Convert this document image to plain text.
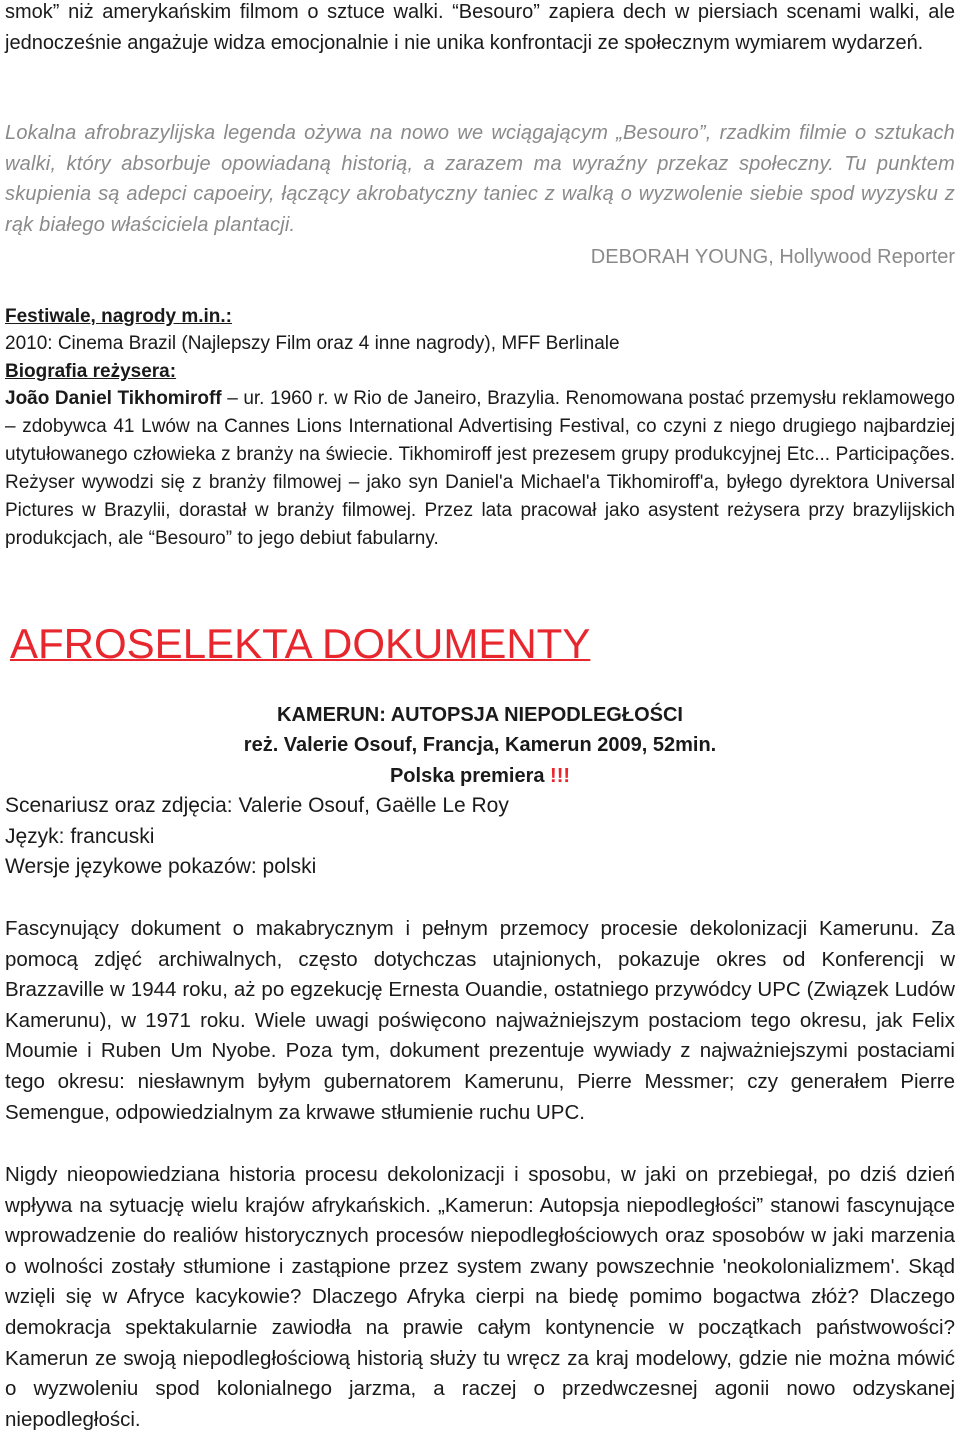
smok” niż amerykańskim filmom o sztuce walki. “Besouro” zapiera dech w piersiach scenami walki, ale jednocześnie angażuje widza emocjonalnie i nie unika konfrontacji ze społecznym wymiarem wydarzeń.
Lokalna afrobrazylijska legenda ożywa na nowo we wciągającym „Besouro”, rzadkim filmie o sztukach walki, który absorbuje opowiadaną historią, a zarazem ma wyraźny przekaz społeczny. Tu punktem skupienia są adepci capoeiry, łączący akrobatyczny taniec z walką o wyzwolenie siebie spod wyzysku z rąk białego właściciela plantacji.
DEBORAH YOUNG, Hollywood Reporter
Festiwale, nagrody m.in.:
2010: Cinema Brazil (Najlepszy Film oraz 4 inne nagrody), MFF Berlinale
Biografia reżysera:
João Daniel Tikhomiroff – ur. 1960 r. w Rio de Janeiro, Brazylia. Renomowana postać przemysłu reklamowego – zdobywca 41 Lwów na Cannes Lions International Advertising Festival, co czyni z niego drugiego najbardziej utytułowanego człowieka z branży na świecie. Tikhomiroff jest prezesem grupy produkcyjnej Etc... Participações. Reżyser wywodzi się z branży filmowej – jako syn Daniel'a Michael'a Tikhomiroff'a, byłego dyrektora Universal Pictures w Brazylii, dorastał w branży filmowej. Przez lata pracował jako asystent reżysera przy brazylijskich produkcjach, ale “Besouro” to jego debiut fabularny.
AFROSELEKTA DOKUMENTY
KAMERUN: AUTOPSJA NIEPODLEGŁOŚCI
reż. Valerie Osouf, Francja, Kamerun 2009, 52min.
Polska premiera !!!
Scenariusz oraz zdjęcia: Valerie Osouf, Gaëlle Le Roy
Język: francuski
Wersje językowe pokazów: polski
Fascynujący dokument o makabrycznym i pełnym przemocy procesie dekolonizacji Kamerunu. Za pomocą zdjęć archiwalnych, często dotychczas utajnionych, pokazuje okres od Konferencji w Brazzaville w 1944 roku, aż po egzekucję Ernesta Ouandie, ostatniego przywódcy UPC (Związek Ludów Kamerunu), w 1971 roku. Wiele uwagi poświęcono najważniejszym postaciom tego okresu, jak Felix Moumie i Ruben Um Nyobe. Poza tym, dokument prezentuje wywiady z najważniejszymi postaciami tego okresu: niesławnym byłym gubernatorem Kamerunu, Pierre Messmer; czy generałem Pierre Semengue, odpowiedzialnym za krwawe stłumienie ruchu UPC.
Nigdy nieopowiedziana historia procesu dekolonizacji i sposobu, w jaki on przebiegał, po dziś dzień wpływa na sytuację wielu krajów afrykańskich. „Kamerun: Autopsja niepodległości” stanowi fascynujące wprowadzenie do realiów historycznych procesów niepodległościowych oraz sposobów w jaki marzenia o wolności zostały stłumione i zastąpione przez system zwany powszechnie 'neokolonializmem'. Skąd wzięli się w Afryce kacykowie? Dlaczego Afryka cierpi na biedę pomimo bogactwa złóż? Dlaczego demokracja spektakularnie zawiodła na prawie całym kontynencie w początkach państwowości? Kamerun ze swoją niepodległościową historią służy tu wręcz za kraj modelowy, gdzie nie można mówić o wyzwoleniu spod kolonialnego jarzma, a raczej o przedwczesnej agonii nowo odzyskanej niepodległości.
